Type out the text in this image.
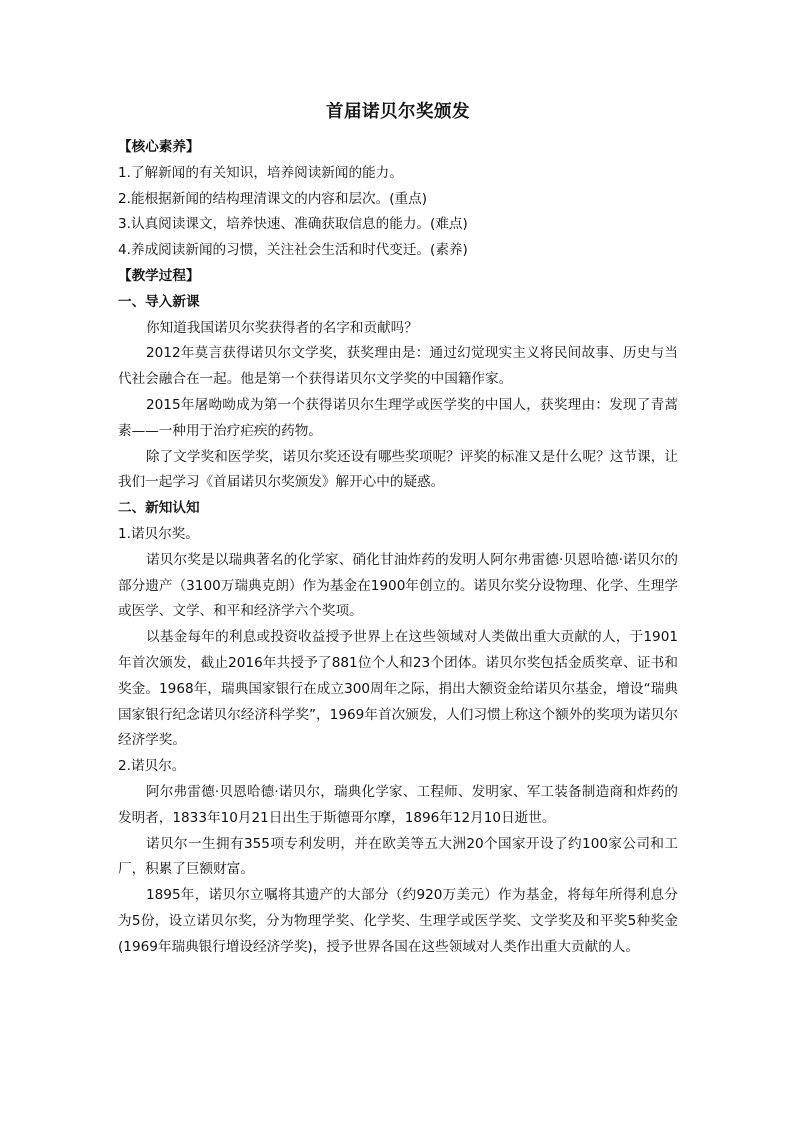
首届诺贝尔奖颁发

【核心素养】

1.了解新闻的有关知识，培养阅读新闻的能力。

2.能根据新闻的结构理清课文的内容和层次。(重点)

3.认真阅读课文，培养快速、准确获取信息的能力。(难点)

4.养成阅读新闻的习惯，关注社会生活和时代变迁。(素养)

【教学过程】

一、导入新课

你知道我国诺贝尔奖获得者的名字和贡献吗？

2012年莫言获得诺贝尔文学奖，获奖理由是：通过幻觉现实主义将民间故事、历史与当代社会融合在一起。他是第一个获得诺贝尔文学奖的中国籍作家。

2015年屠呦呦成为第一个获得诺贝尔生理学或医学奖的中国人，获奖理由：发现了青蒿素——一种用于治疗疟疾的药物。

除了文学奖和医学奖，诺贝尔奖还设有哪些奖项呢？评奖的标准又是什么呢？这节课，让我们一起学习《首届诺贝尔奖颁发》解开心中的疑惑。

二、新知认知

1.诺贝尔奖。

诺贝尔奖是以瑞典著名的化学家、硝化甘油炸药的发明人阿尔弗雷德·贝恩哈德·诺贝尔的部分遗产（3100万瑞典克朗）作为基金在1900年创立的。诺贝尔奖分设物理、化学、生理学或医学、文学、和平和经济学六个奖项。

以基金每年的利息或投资收益授予世界上在这些领域对人类做出重大贡献的人，于1901年首次颁发，截止2016年共授予了881位个人和23个团体。诺贝尔奖包括金质奖章、证书和奖金。1968年，瑞典国家银行在成立300周年之际，捐出大额资金给诺贝尔基金，增设“瑞典国家银行纪念诺贝尔经济科学奖”，1969年首次颁发，人们习惯上称这个额外的奖项为诺贝尔经济学奖。

2.诺贝尔。

阿尔弗雷德·贝恩哈德·诺贝尔，瑞典化学家、工程师、发明家、军工装备制造商和炸药的发明者，1833年10月21日出生于斯德哥尔摩，1896年12月10日逝世。

诺贝尔一生拥有355项专利发明，并在欧美等五大洲20个国家开设了约100家公司和工厂，积累了巨额财富。

1895年，诺贝尔立嘱将其遗产的大部分（约920万美元）作为基金，将每年所得利息分为5份，设立诺贝尔奖，分为物理学奖、化学奖、生理学或医学奖、文学奖及和平奖5种奖金(1969年瑞典银行增设经济学奖)，授予世界各国在这些领域对人类作出重大贡献的人。
